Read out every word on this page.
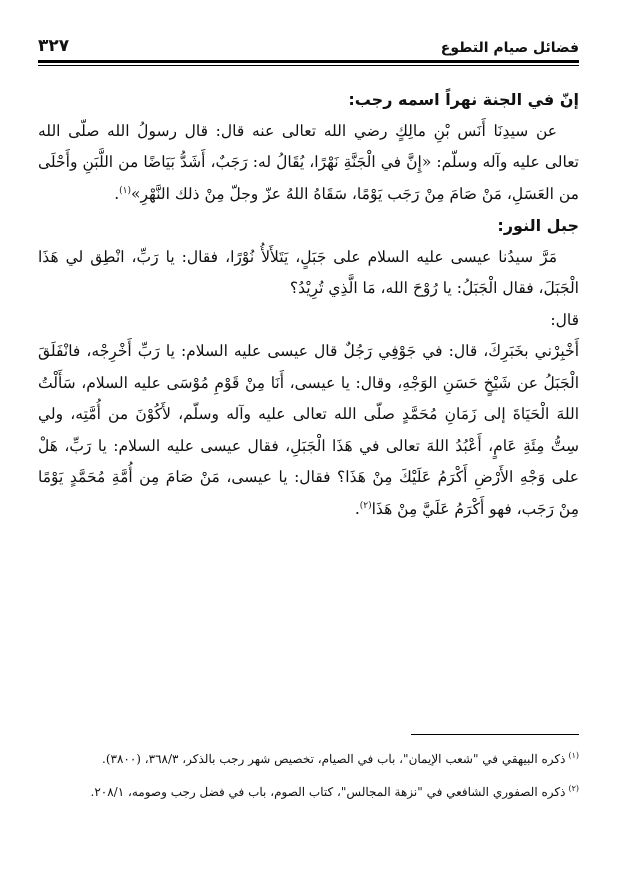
فضائل صيام التطوع
٣٢٧

إنّ في الجنة نهراً اسمه رجب:

عن سيدِنَا أَنَس بْنِ مالِكٍ رضي الله تعالى عنه قال: قال رسولُ الله صلّى الله تعالى عليه وآله وسلّم: «إِنَّ في الْجَنَّةِ نَهْرًا، يُقَالُ له: رَجَبٌ، أَشَدُّ بَيَاضًا من اللَّبَنِ وأَحْلَى من العَسَلِ، مَنْ صَامَ مِنْ رَجَب يَوْمًا، سَقَاهُ اللهُ عزّ وجلّ مِنْ ذلك النَّهْرِ»$^{(١)}$.

جبل النور:

مَرَّ سيدُنا عيسى عليه السلام على جَبَلٍ، يَتَلأَلأُ نُوْرًا، فقال: يا رَبِّ، انْطِق لي هَذَا الْجَبَلَ، فقال الْجَبَلُ: يا رُوْحَ الله، مَا الَّذِي تُرِيْدُ؟

قال:

أَخْبِرْني بخَبَرِكَ، قال: في جَوْفِي رَجُلٌ قال عيسى عليه السلام: يا رَبِّ أَخْرِجْه، فانْفَلَقَ الْجَبَلُ عن شَيْخٍ حَسَنِ الوَجْهِ، وقال: يا عيسى، أَنَا مِنْ قَوْمِ مُوْسَى عليه السلام، سَأَلْتُ اللهَ الْحَيَاةَ إلى زَمَانِ مُحَمَّدٍ صلّى الله تعالى عليه وآله وسلّم، لأَكُوْنَ من أُمَّتِه، ولي سِتُّ مِئَةِ عَامٍ، أَعْبُدُ اللهَ تعالى في هَذَا الْجَبَلِ، فقال عيسى عليه السلام: يا رَبِّ، هَلْ على وَجْهِ الأَرْضِ أَكْرَمُ عَلَيْكَ مِنْ هَذَا؟ فقال: يا عيسى، مَنْ صَامَ مِن أُمَّةِ مُحَمَّدٍ يَوْمًا مِنْ رَجَب، فهو أَكْرَمُ عَلَيَّ مِنْ هَذَا$^{(٢)}$.

$^{(١)}$ذكره البيهقي في "شعب الإيمان"، باب في الصيام، تخصيص شهر رجب بالذكر، ٣٦٨/٣، (٣٨٠٠).

$^{(٢)}$ذكره الصفوري الشافعي في "نزهة المجالس"، كتاب الصوم، باب في فضل رجب وصومه، ٢٠٨/١.
